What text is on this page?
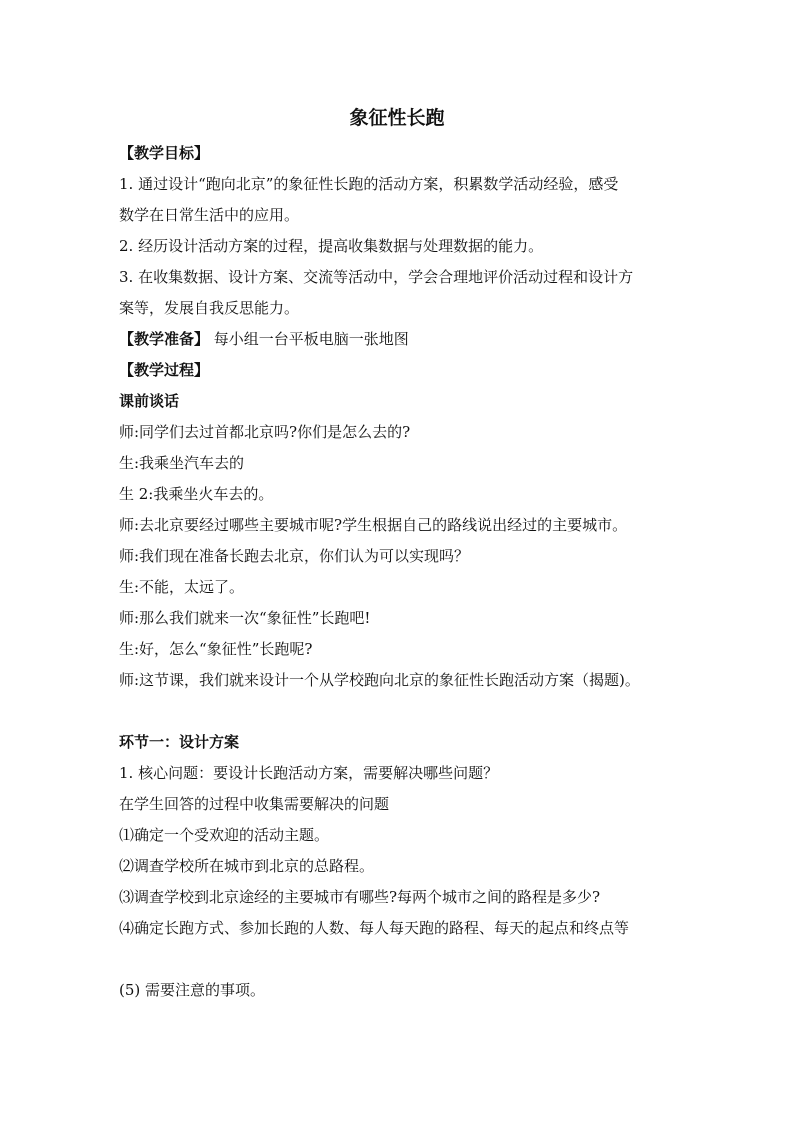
象征性长跑

【教学目标】

1. 通过设计“跑向北京”的象征性长跑的活动方案，积累数学活动经验，感受

数学在日常生活中的应用。

2. 经历设计活动方案的过程，提高收集数据与处理数据的能力。

3. 在收集数据、设计方案、交流等活动中，学会合理地评价活动过程和设计方

案等，发展自我反思能力。

【教学准备】 每小组一台平板电脑一张地图

【教学过程】

课前谈话

师:同学们去过首都北京吗?你们是怎么去的?

生:我乘坐汽车去的

生 2:我乘坐火车去的。

师:去北京要经过哪些主要城市呢?学生根据自己的路线说出经过的主要城市。

师:我们现在准备长跑去北京，你们认为可以实现吗？

生:不能，太远了。

师:那么我们就来一次“象征性”长跑吧!

生:好，怎么“象征性”长跑呢?

师:这节课，我们就来设计一个从学校跑向北京的象征性长跑活动方案（揭题)。

环节一：设计方案

1. 核心问题：要设计长跑活动方案，需要解决哪些问题？

在学生回答的过程中收集需要解决的问题

⑴确定一个受欢迎的活动主题。

⑵调查学校所在城市到北京的总路程。

⑶调查学校到北京途经的主要城市有哪些?每两个城市之间的路程是多少?

⑷确定长跑方式、参加长跑的人数、每人每天跑的路程、每天的起点和终点等

(5) 需要注意的事项。
